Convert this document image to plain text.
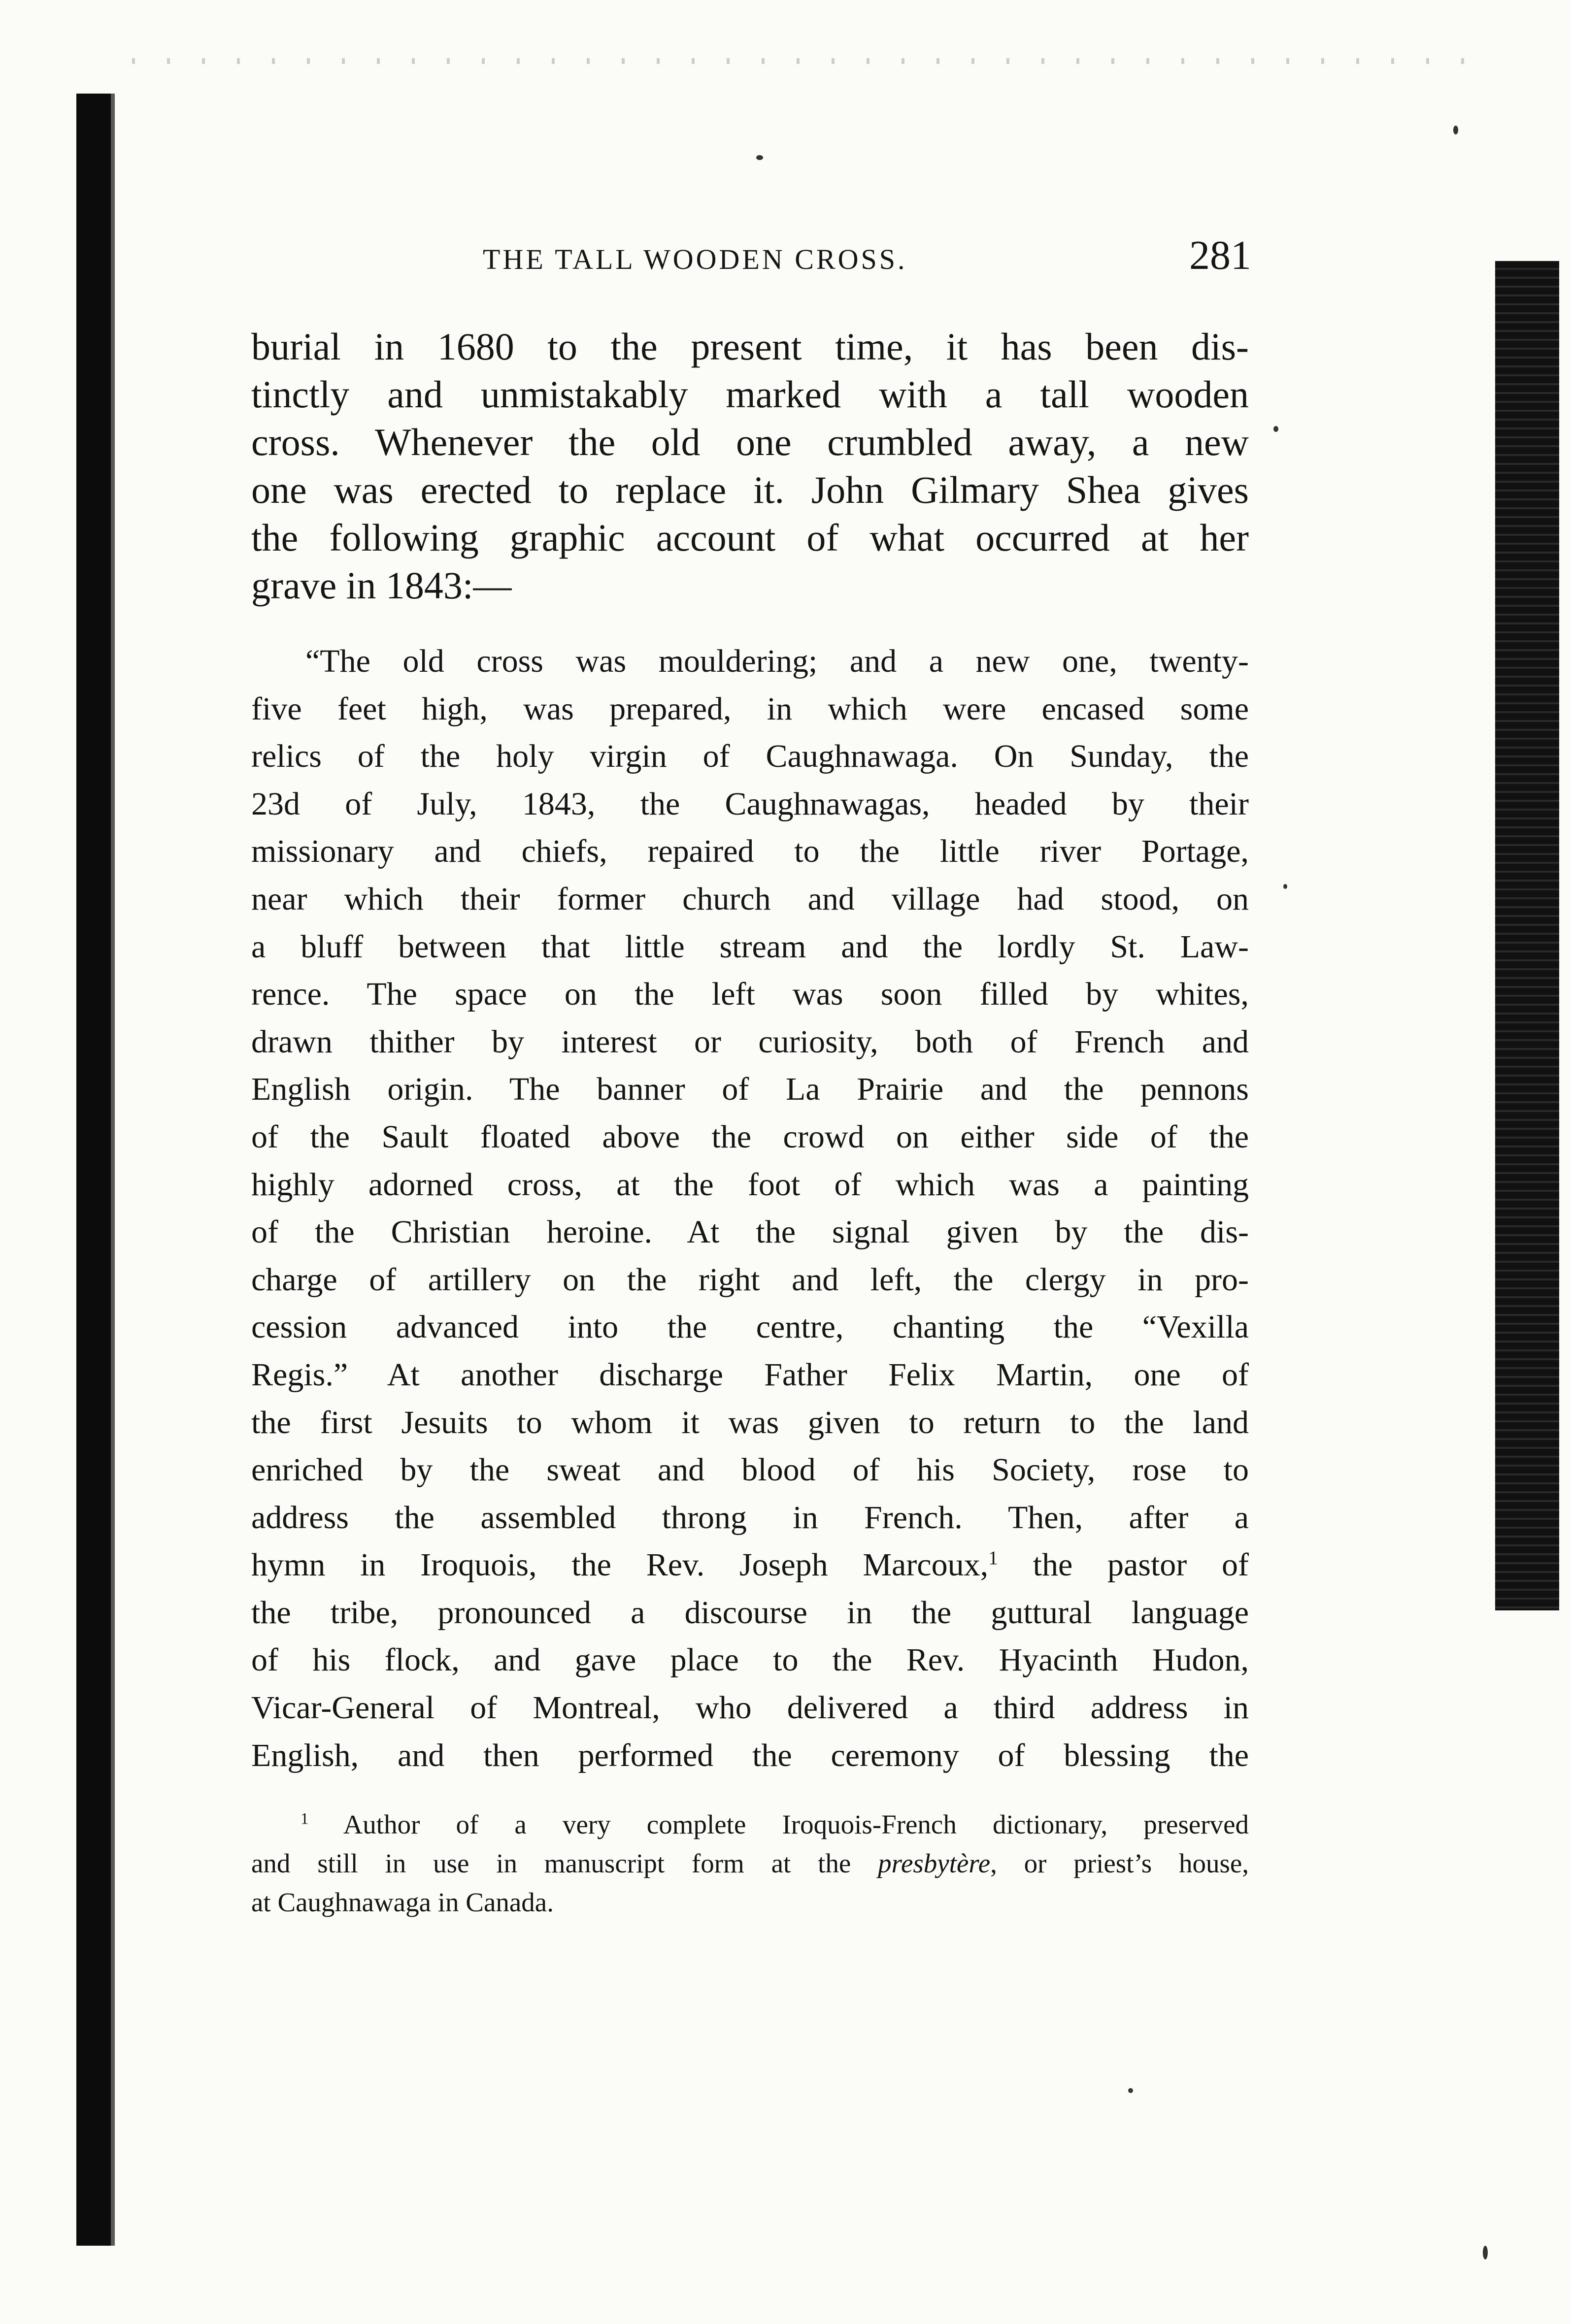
THE TALL WOODEN CROSS.	281
burial in 1680 to the present time, it has been dis-
tinctly and unmistakably marked with a tall wooden
cross. Whenever the old one crumbled away, a new
one was erected to replace it. John Gilmary Shea gives
the following graphic account of what occurred at her
grave in 1843:—
“The old cross was mouldering; and a new one, twenty-
five feet high, was prepared, in which were encased some
relics of the holy virgin of Caughnawaga. On Sunday, the
23d of July, 1843, the Caughnawagas, headed by their
missionary and chiefs, repaired to the little river Portage,
near which their former church and village had stood, on
a bluff between that little stream and the lordly St. Law-
rence. The space on the left was soon filled by whites,
drawn thither by interest or curiosity, both of French and
English origin. The banner of La Prairie and the pennons
of the Sault floated above the crowd on either side of the
highly adorned cross, at the foot of which was a painting
of the Christian heroine. At the signal given by the dis-
charge of artillery on the right and left, the clergy in pro-
cession advanced into the centre, chanting the “Vexilla
Regis.” At another discharge Father Felix Martin, one of
the first Jesuits to whom it was given to return to the land
enriched by the sweat and blood of his Society, rose to
address the assembled throng in French. Then, after a
hymn in Iroquois, the Rev. Joseph Marcoux,$^1$ the pastor of
the tribe, pronounced a discourse in the guttural language
of his flock, and gave place to the Rev. Hyacinth Hudon,
Vicar-General of Montreal, who delivered a third address in
English, and then performed the ceremony of blessing the
$^1$ Author of a very complete Iroquois-French dictionary, preserved
and still in use in manuscript form at the presbytère, or priest’s house,
at Caughnawaga in Canada.
